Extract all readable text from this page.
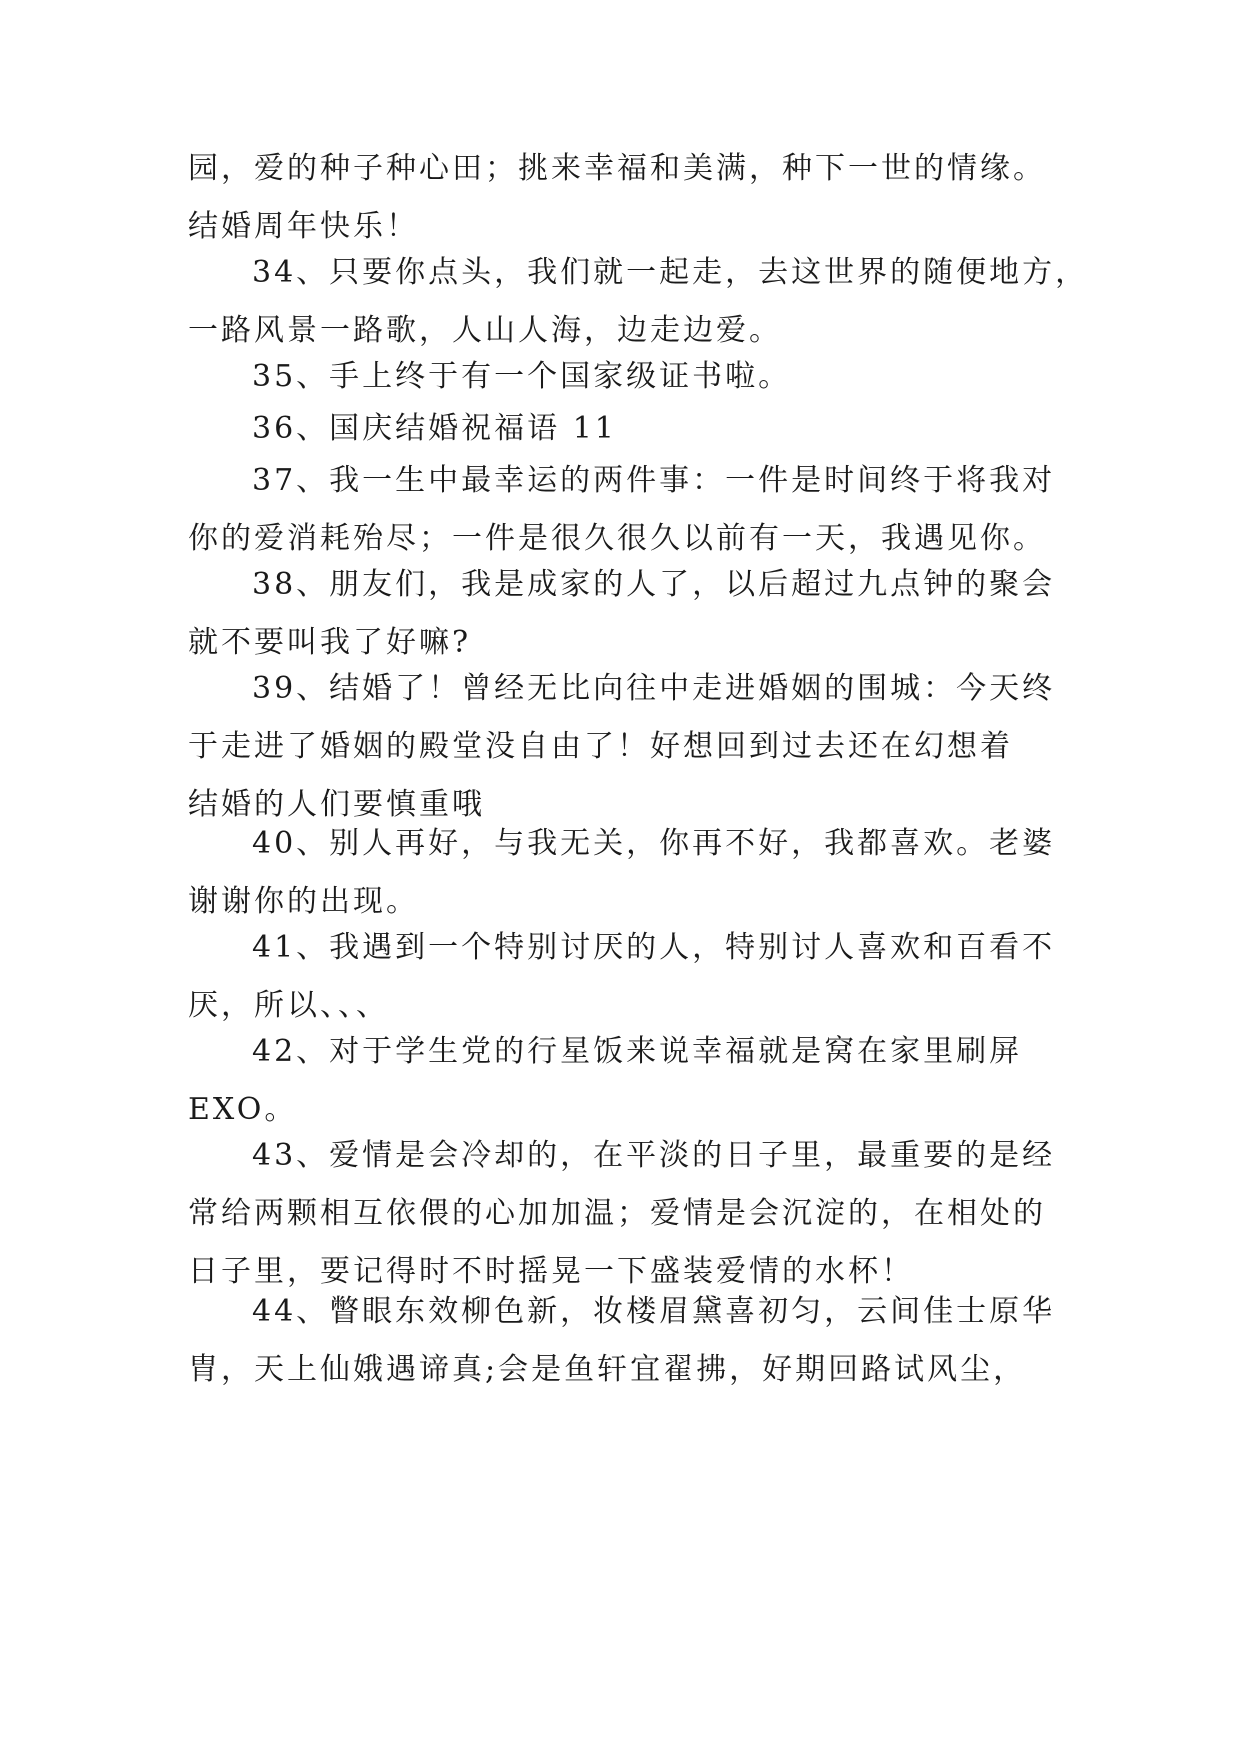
园，爱的种子种心田；挑来幸福和美满，种下一世的情缘。
结婚周年快乐！

34、只要你点头，我们就一起走，去这世界的随便地方，
一路风景一路歌，人山人海，边走边爱。

35、手上终于有一个国家级证书啦。

36、国庆结婚祝福语 11

37、我一生中最幸运的两件事：一件是时间终于将我对
你的爱消耗殆尽；一件是很久很久以前有一天，我遇见你。

38、朋友们，我是成家的人了，以后超过九点钟的聚会
就不要叫我了好嘛?

39、结婚了！曾经无比向往中走进婚姻的围城：今天终
于走进了婚姻的殿堂没自由了！好想回到过去还在幻想着
结婚的人们要慎重哦

40、别人再好，与我无关，你再不好，我都喜欢。老婆
谢谢你的出现。

41、我遇到一个特别讨厌的人，特别讨人喜欢和百看不
厌，所以、、、

42、对于学生党的行星饭来说幸福就是窝在家里刷屏
EXO。

43、爱情是会冷却的，在平淡的日子里，最重要的是经
常给两颗相互依偎的心加加温；爱情是会沉淀的，在相处的
日子里，要记得时不时摇晃一下盛装爱情的水杯！

44、瞥眼东效柳色新，妆楼眉黛喜初匀，云间佳士原华
胄，天上仙娥遇谛真;会是鱼轩宜翟拂，好期回路试风尘，
